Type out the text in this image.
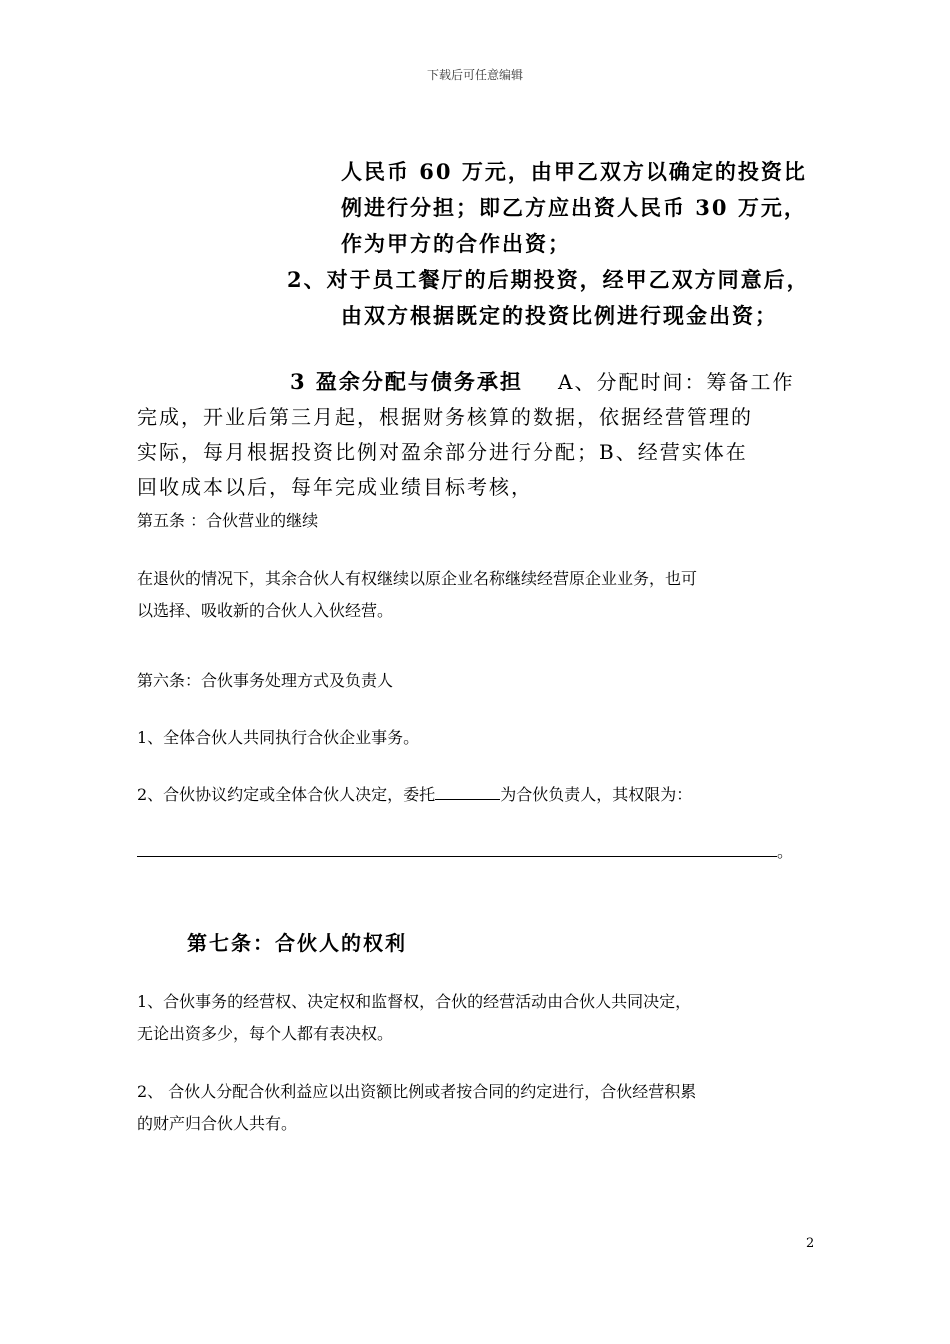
下载后可任意编辑
人民币 60 万元，由甲乙双方以确定的投资比
例进行分担；即乙方应出资人民币 30 万元，
作为甲方的合作出资；
2、对于员工餐厅的后期投资，经甲乙双方同意后，
由双方根据既定的投资比例进行现金出资；
3 盈余分配与债务承担 A、分配时间：筹备工作
完成，开业后第三月起，根据财务核算的数据，依据经营管理的
实际，每月根据投资比例对盈余部分进行分配；B、经营实体在
回收成本以后，每年完成业绩目标考核，
第五条 ：合伙营业的继续
在退伙的情况下，其余合伙人有权继续以原企业名称继续经营原企业业务，也可
以选择、吸收新的合伙人入伙经营。
第六条：合伙事务处理方式及负责人
1、全体合伙人共同执行合伙企业事务。
2、合伙协议约定或全体合伙人决定，委托	为合伙负责人，其权限为：
。
第七条：合伙人的权利
1、合伙事务的经营权、决定权和监督权，合伙的经营活动由合伙人共同决定，
无论出资多少，每个人都有表决权。
2、 合伙人分配合伙利益应以出资额比例或者按合同的约定进行，合伙经营积累
的财产归合伙人共有。
2
